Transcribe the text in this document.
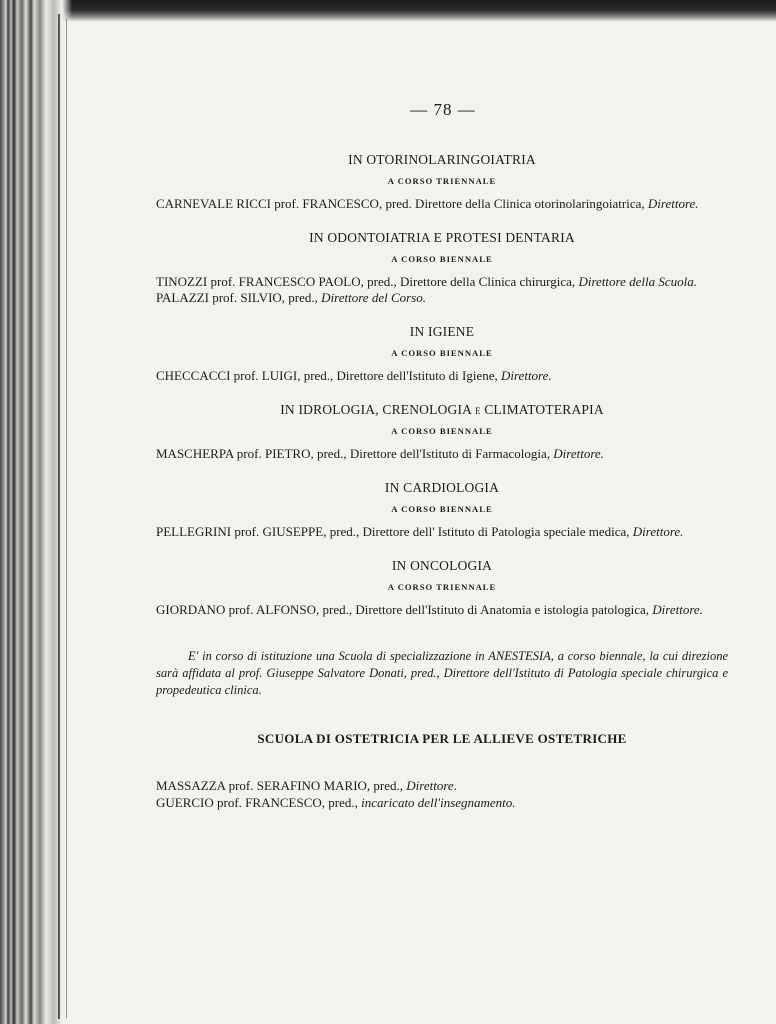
— 78 —

IN OTORINOLARINGOIATRIA

A CORSO TRIENNALE

CARNEVALE RICCI prof. FRANCESCO, pred. Direttore della Clinica otorinolaringoiatrica, Direttore.

IN ODONTOIATRIA E PROTESI DENTARIA

A CORSO BIENNALE

TINOZZI prof. FRANCESCO PAOLO, pred., Direttore della Clinica chirurgica, Direttore della Scuola.

PALAZZI prof. SILVIO, pred., Direttore del Corso.

IN IGIENE

A CORSO BIENNALE

CHECCACCI prof. LUIGI, pred., Direttore dell'Istituto di Igiene, Direttore.

IN IDROLOGIA, CRENOLOGIA e CLIMATOTERAPIA

A CORSO BIENNALE

MASCHERPA prof. PIETRO, pred., Direttore dell'Istituto di Farmacologia, Direttore.

IN CARDIOLOGIA

A CORSO BIENNALE

PELLEGRINI prof. GIUSEPPE, pred., Direttore dell' Istituto di Patologia speciale medica, Direttore.

IN ONCOLOGIA

A CORSO TRIENNALE

GIORDANO prof. ALFONSO, pred., Direttore dell'Istituto di Anatomia e istologia patologica, Direttore.

E' in corso di istituzione una Scuola di specializzazione in ANESTESIA, a corso biennale, la cui direzione sarà affidata al prof. Giuseppe Salvatore Donati, pred., Direttore dell'Istituto di Patologia speciale chirurgica e propedeutica clinica.

SCUOLA DI OSTETRICIA PER LE ALLIEVE OSTETRICHE

MASSAZZA prof. SERAFINO MARIO, pred., Direttore.

GUERCIO prof. FRANCESCO, pred., incaricato dell'insegnamento.
